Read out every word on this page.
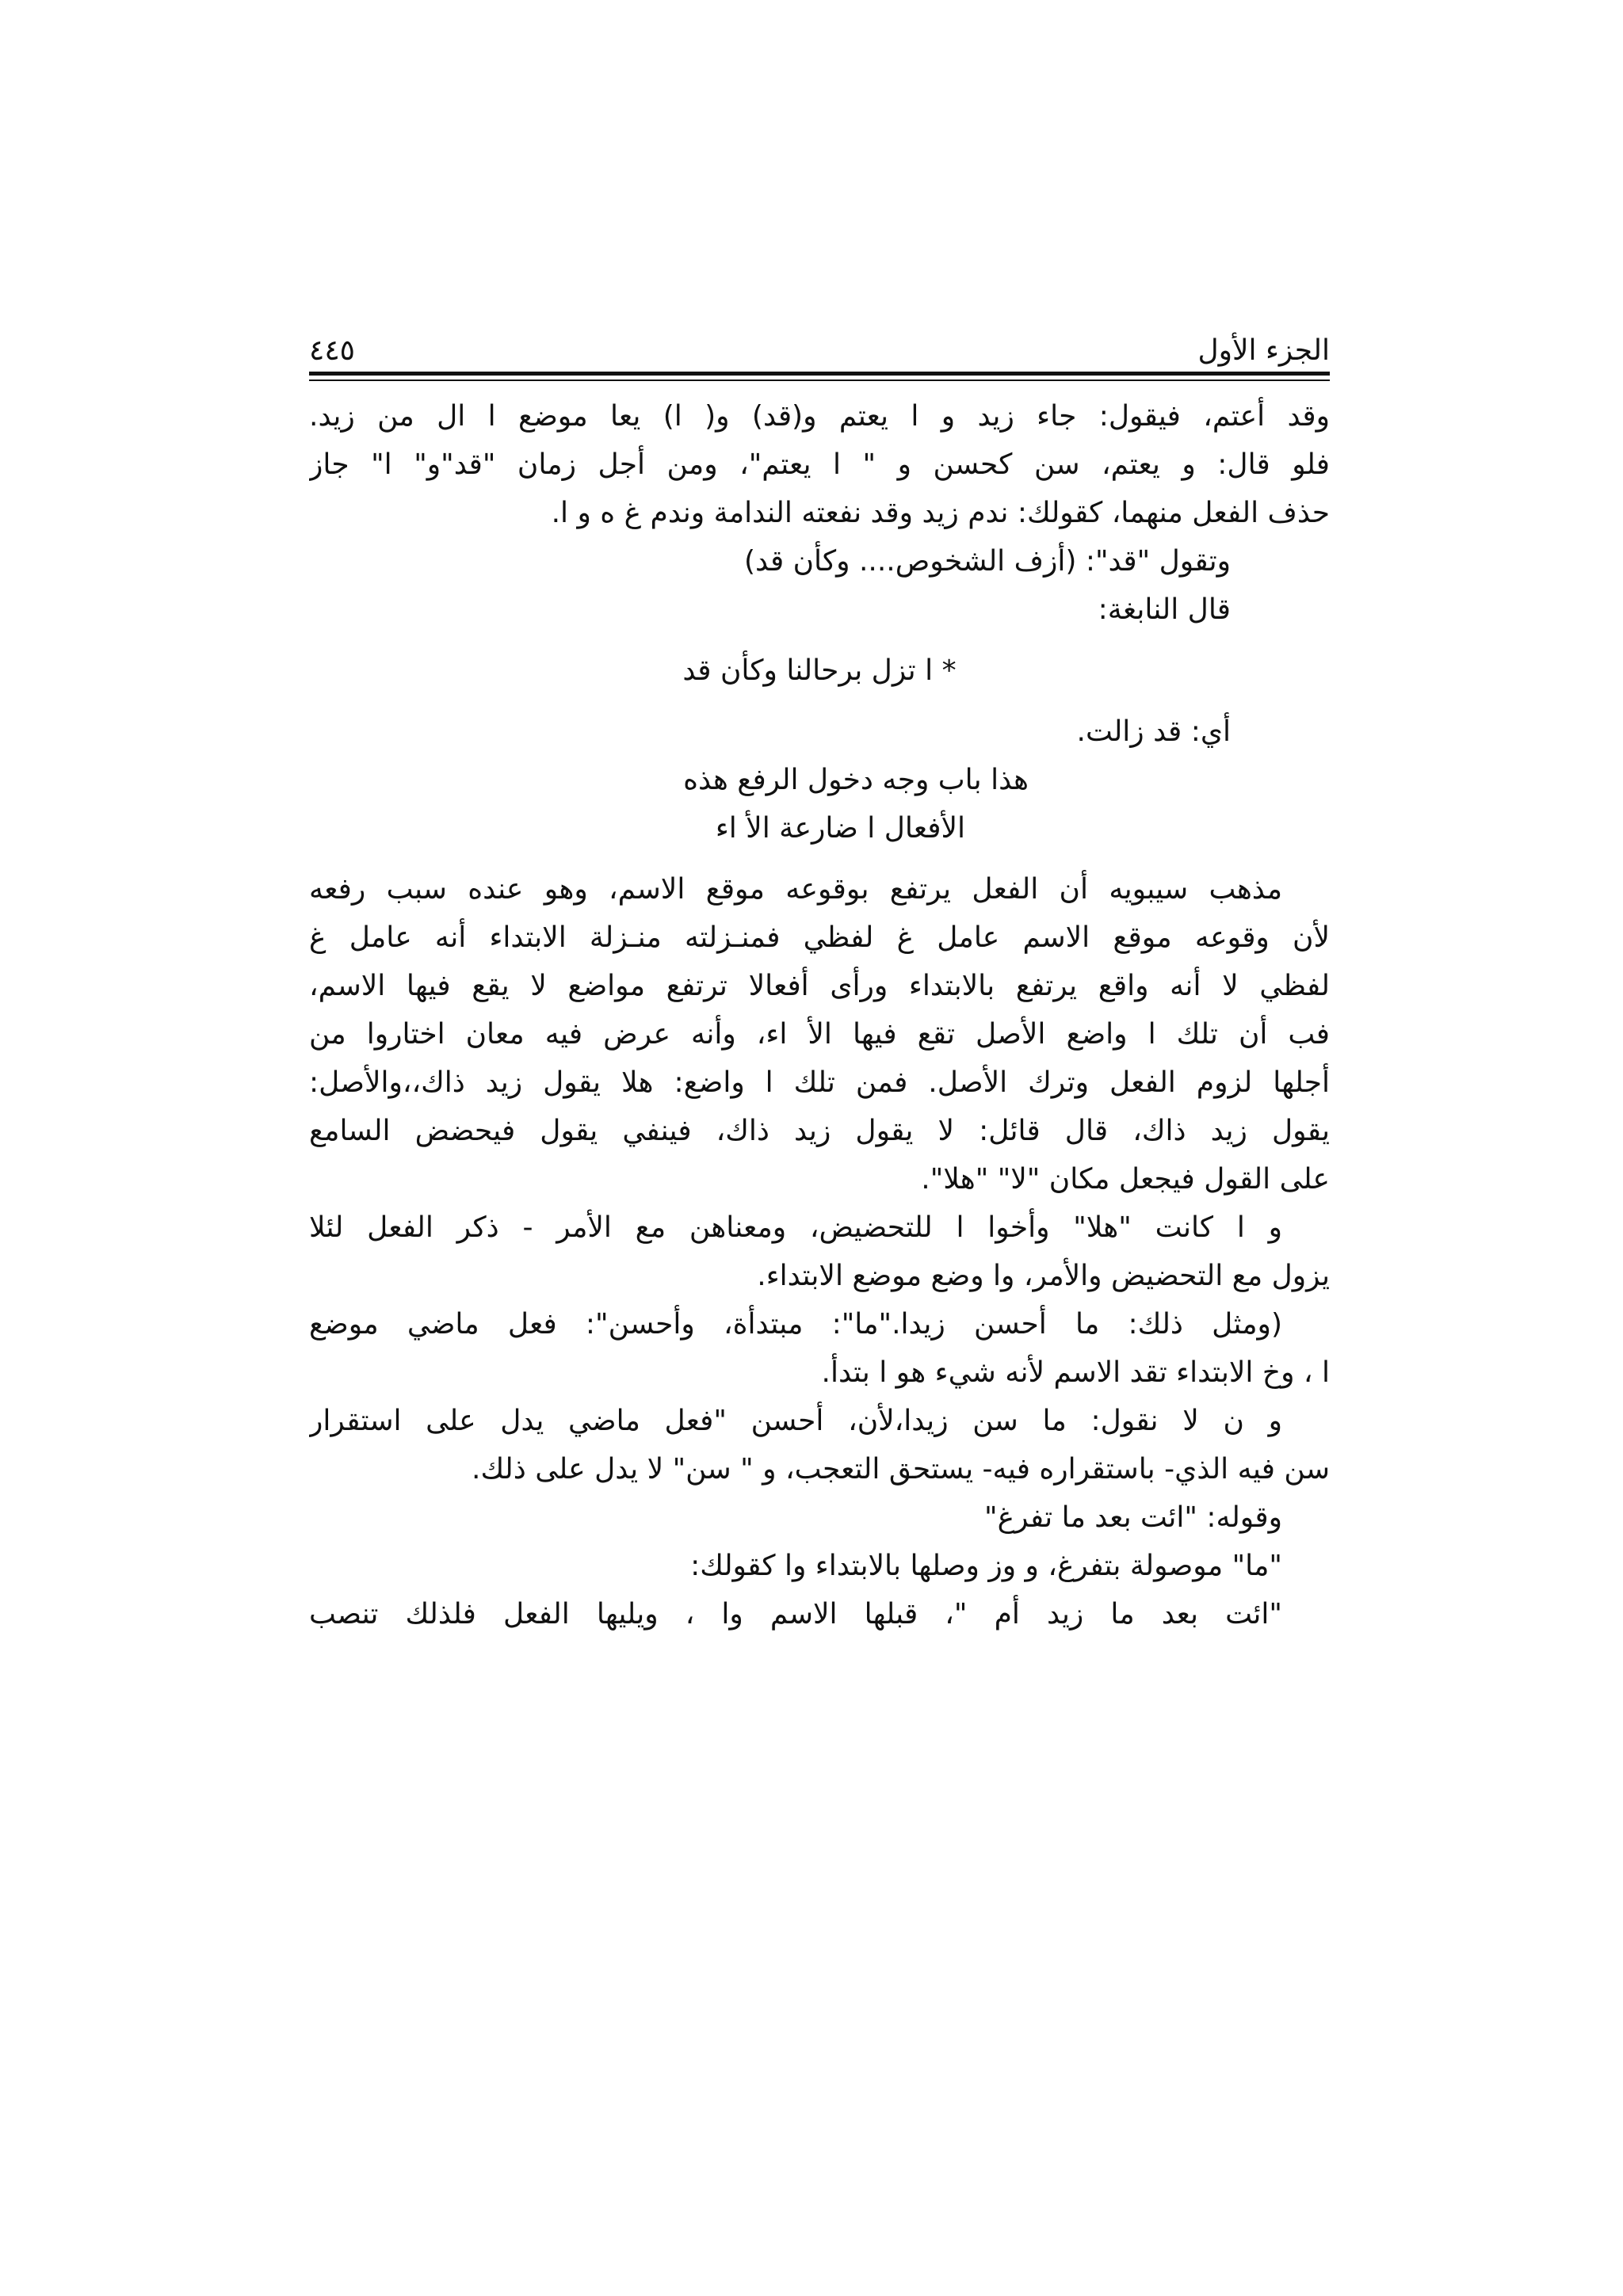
الجزء الأول
٤٤٥
وقد أعتم، فيقول: جاء زيد و ا يعتم و(قد) و( ا) يعا موضع ا ال من زيد.
فلو قال: و يعتم، سن كحسن و " ا يعتم"، ومن أجل زمان "قد"و" ا" جاز
حذف الفعل منهما، كقولك: ندم زيد وقد نفعته الندامة وندم غ ه و ا.
وتقول "قد": (أزف الشخوص.... وكأن قد)
قال النابغة:
* ا تزل برحالنا وكأن قد
أي: قد زالت.
هذا باب وجه دخول الرفع هذه
الأفعال ا ضارعة الأ اء
مذهب سيبويه أن الفعل يرتفع بوقوعه موقع الاسم، وهو عنده سبب رفعه
لأن وقوعه موقع الاسم عامل غ لفظي فمنـزلته منـزلة الابتداء أنه عامل غ
لفظي لا أنه واقع يرتفع بالابتداء ورأى أفعالا ترتفع مواضع لا يقع فيها الاسم،
فب أن تلك ا واضع الأصل تقع فيها الأ اء، وأنه عرض فيه معان اختاروا من
أجلها لزوم الفعل وترك الأصل. فمن تلك ا واضع: هلا يقول زيد ذاك،،والأصل:
يقول زيد ذاك، قال قائل: لا يقول زيد ذاك، فينفي يقول فيحضض السامع
على القول فيجعل مكان "لا" "هلا".
و ا كانت "هلا" وأخوا ا للتحضيض، ومعناهن مع الأمر - ذكر الفعل لئلا
يزول مع التحضيض والأمر، وا وضع موضع الابتداء.
(ومثل ذلك: ما أحسن زيدا."ما": مبتدأة، وأحسن": فعل ماضي موضع
ا ، وخ الابتداء تقد الاسم لأنه شيء هو ا بتدأ.
و ن لا نقول: ما سن زيدا،لأن، أحسن "فعل ماضي يدل على استقرار
سن فيه الذي- باستقراره فيه- يستحق التعجب، و " سن" لا يدل على ذلك.
وقوله: "ائت بعد ما تفرغ"
"ما" موصولة بتفرغ، و وز وصلها بالابتداء وا كقولك:
"ائت بعد ما زيد أم "، قبلها الاسم وا ، ويليها الفعل فلذلك تنصب
